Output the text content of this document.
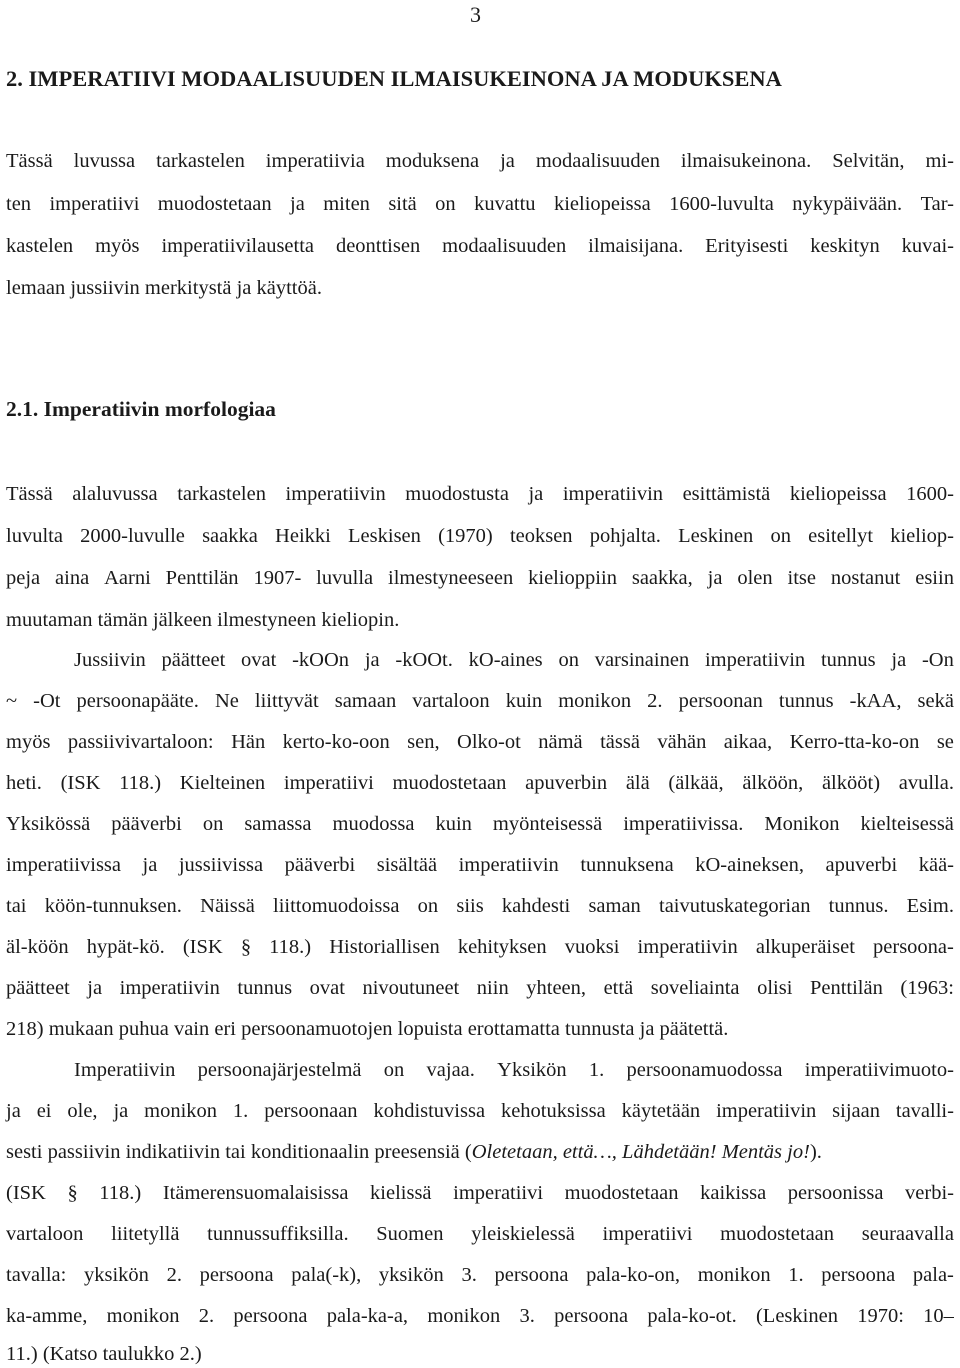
3
2. IMPERATIIVI MODAALISUUDEN ILMAISUKEINONA JA MODUKSENA
Tässä luvussa tarkastelen imperatiivia moduksena ja modaalisuuden ilmaisukeinona. Selvitän, mi-
ten imperatiivi muodostetaan ja miten sitä on kuvattu kieliopeissa 1600-luvulta nykypäivään. Tar-
kastelen myös imperatiivilausetta deonttisen modaalisuuden ilmaisijana. Erityisesti keskityn kuvai-
lemaan jussiivin merkitystä ja käyttöä.
2.1. Imperatiivin morfologiaa
Tässä alaluvussa tarkastelen imperatiivin muodostusta ja imperatiivin esittämistä kieliopeissa 1600-
luvulta 2000-luvulle saakka Heikki Leskisen (1970) teoksen pohjalta. Leskinen on esitellyt kieliop-
peja aina Aarni Penttilän 1907- luvulla ilmestyneeseen kielioppiin saakka, ja olen itse nostanut esiin
muutaman tämän jälkeen ilmestyneen kieliopin.
Jussiivin päätteet ovat -kOOn ja -kOOt. kO-aines on varsinainen imperatiivin tunnus ja -On
~ -Ot persoonapääte. Ne liittyvät samaan vartaloon kuin monikon 2. persoonan tunnus -kAA, sekä
myös passiivivartaloon: Hän kerto-ko-oon sen, Olko-ot nämä tässä vähän aikaa, Kerro-tta-ko-on se
heti. (ISK 118.) Kielteinen imperatiivi muodostetaan apuverbin älä (älkää, älköön, älkööt) avulla.
Yksikössä pääverbi on samassa muodossa kuin myönteisessä imperatiivissa. Monikon kielteisessä
imperatiivissa ja jussiivissa pääverbi sisältää imperatiivin tunnuksena kO-aineksen, apuverbi kää-
tai köön-tunnuksen. Näissä liittomuodoissa on siis kahdesti saman taivutuskategorian tunnus. Esim.
äl-köön hypät-kö. (ISK § 118.) Historiallisen kehityksen vuoksi imperatiivin alkuperäiset persoona-
päätteet ja imperatiivin tunnus ovat nivoutuneet niin yhteen, että soveliainta olisi Penttilän (1963:
218) mukaan puhua vain eri persoonamuotojen lopuista erottamatta tunnusta ja päätettä.
Imperatiivin persoonajärjestelmä on vajaa. Yksikön 1. persoonamuodossa imperatiivimuoto-
ja ei ole, ja monikon 1. persoonaan kohdistuvissa kehotuksissa käytetään imperatiivin sijaan tavalli-
sesti passiivin indikatiivin tai konditionaalin preesensiä (Oletetaan, että…, Lähdetään! Mentäs jo!).
(ISK § 118.) Itämerensuomalaisissa kielissä imperatiivi muodostetaan kaikissa persoonissa verbi-
vartaloon liitetyllä tunnussuffiksilla. Suomen yleiskielessä imperatiivi muodostetaan seuraavalla
tavalla: yksikön 2. persoona pala(-k), yksikön 3. persoona pala-ko-on, monikon 1. persoona pala-
ka-amme, monikon 2. persoona pala-ka-a, monikon 3. persoona pala-ko-ot. (Leskinen 1970: 10–
11.) (Katso taulukko 2.)
